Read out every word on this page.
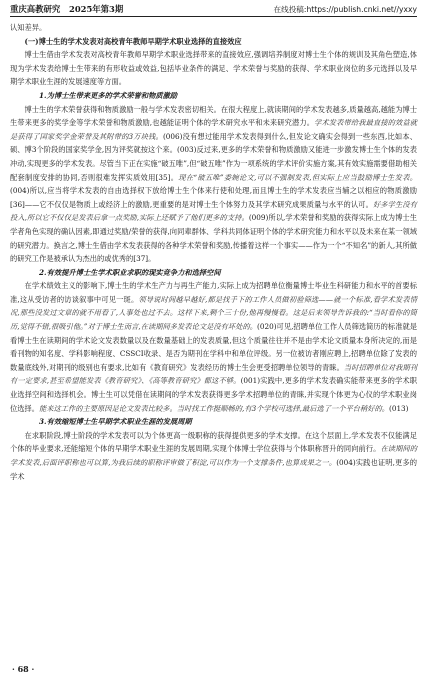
重庆高教研究 2025年第3期	在线投稿:https://publish.cnki.net//yxxy

认知差异。

(一)博士生的学术发表对高校青年教师早期学术职业选择的直接效应

博士生借由学术发表对高校青年教师早期学术职业选择带来的直接效应,强调培养制度对博士生个体的规训及其角色塑造,体现为学术发表给博士生带来的有形收益或效益,包括毕业条件的满足、学术荣誉与奖励的获得、学术职业岗位的多元选择以及早期学术职业生涯的发展速度等方面。

1.为博士生带来更多的学术荣誉和物质激励

博士生的学术荣誉获得和物质激励一般与学术发表密切相关。在很大程度上,就读期间的学术发表越多,质量越高,越能为博士生带来更多的奖学金等学术荣誉和物质激励,也越能证明个体的学术研究水平和未来研究潜力。学术发表带给我最直接的效益就是获得了国家奖学金荣誉及其附带的3万块钱。(006)没有想过能用学术发表得到什么,但发论文确实会得到一些东西,比如本、硕、博3个阶段的国家奖学金,因为评奖就按这个来。(003)反过来,更多的学术荣誉和物质激励又能进一步激发博士生个体的发表冲动,实现更多的学术发表。尽管当下正在实施“破五唯”,但“破五唯”作为一项系统的学术评价实施方案,其有效实施需要借助相关配套制度安排的协同,否则很难发挥实质效用[35]。现在“破五唯”委婉论文,可以不强制发表,但实际上应当鼓励博士生发表。(004)所以,应当将学术发表的自由选择权下放给博士生个体来行使和处理,而且博士生的学术发表应当辅之以相应的物质激励[36]——它不仅仅是物质上或经济上的激励,更重要的是对博士生个体努力及其学术研究成果质量与水平的认可。好多学生没有投入,所以它不仅仅是发表后拿一点奖励,实际上还赋予了他们更多的支持。(009)所以,学术荣誉和奖励的获得实际上成为博士生学者角色实现的确认因素,即通过奖励/荣誉的获得,向同辈群体、学科共同体证明个体的学术研究能力和水平以及未来在某一领域的研究潜力。换言之,博士生借由学术发表获得的各种学术荣誉和奖励,传播着这样一个事实——作为一个“不知名”的新人,其所做的研究工作是被承认为杰出的或优秀的[37]。

2.有效提升博士生学术职业求职的现实竞争力和选择空间

在学术绩效主义的影响下,博士生的学术生产力与再生产能力,实际上成为招聘单位衡量博士毕业生科研能力和水平的首要标准,这从受访者的访谈叙事中可见一斑。领导说时间越早越好,都是找手下的工作人员做初验筛选——就一个标准,看学术发表情况,那些没发过文章的就不用看了,人事处也过不去。这样下来,剩个三十份,他再慢慢看。这是后来领导告诉我的:“当时看你的简历,觉得不错,很吸引他。”对于博士生而言,在读期间多发表论文是没有坏处的。(020)可见,招聘单位工作人员筛选简历的标准就是看博士生在读期间的学术论文发表数量以及在数量基础上的发表质量,但这个质量往往并不是由学术论文质量本身所决定的,而是看刊物的知名度、学科影响程度、CSSCI收录、是否为期刊在学科中和单位评级。另一位被访者刚应聘上,招聘单位除了发表的数量底线外,对期刊的级别也有要求,比如有《教育研究》发表经历的博士生会更受招聘单位领导的青睐。当时招聘单位对我期刊有一定要求,甚至希望能发表《教育研究》、《高等教育研究》都这不够。(001)实践中,更多的学术发表确实能带来更多的学术职业选择空间和选择机会。博士生可以凭借在读期间的学术发表获得更多学术招聘单位的青睐,并实现个体更为心仪的学术职业岗位选择。能来这工作的主要原因是论文发表比较多。当时找工作挺顺畅的,有3个学校可选择,最后选了一个平台稍好的。(013)

3.有效缩短博士生早期学术职业生涯的发展周期

在求职阶段,博士阶段的学术发表可以为个体更高一级职称的获得提供更多的学术支撑。在这个层面上,学术发表不仅能满足个体的毕业要求,还能缩短个体的早期学术职业生涯的发展周期,实现个体博士学位获得与个体职称晋升的同向前行。在读期间的学术发表,后面评职称也可以算,为我后续的职称评审做了积淀,可以作为一个支撑条件,也算成果之一。(004)实践也证明,更多的学术

· 68 ·
